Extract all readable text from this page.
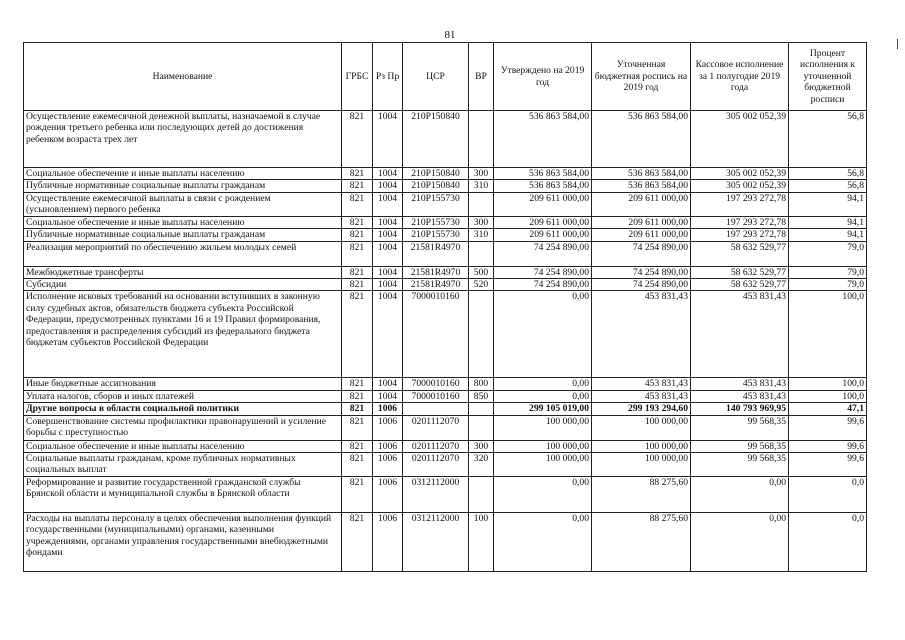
81
Наименование	ГРБС	Рз Пр	ЦСР	ВР	Утверждено на 2019 год	Уточненная бюджетная роспись на 2019 год	Кассовое исполнение за 1 полугодие 2019 года	Процент исполнения к уточненной бюджетной росписи
Осуществление ежемесячной денежной выплаты, назначаемой в случае рождения третьего ребенка или последующих детей до достижения ребенком возраста трех лет	821	1004	210P150840		536 863 584,00	536 863 584,00	305 002 052,39	56,8
Социальное обеспечение и иные выплаты населению	821	1004	210P150840	300	536 863 584,00	536 863 584,00	305 002 052,39	56,8
Публичные нормативные социальные выплаты гражданам	821	1004	210P150840	310	536 863 584,00	536 863 584,00	305 002 052,39	56,8
Осуществление ежемесячной выплаты в связи с рождением (усыновлением) первого ребенка	821	1004	210P155730		209 611 000,00	209 611 000,00	197 293 272,78	94,1
Социальное обеспечение и иные выплаты населению	821	1004	210P155730	300	209 611 000,00	209 611 000,00	197 293 272,78	94,1
Публичные нормативные социальные выплаты гражданам	821	1004	210P155730	310	209 611 000,00	209 611 000,00	197 293 272,78	94,1
Реализация мероприятий по обеспечению жильем молодых семей	821	1004	21581R4970		74 254 890,00	74 254 890,00	58 632 529,77	79,0
Межбюджетные трансферты	821	1004	21581R4970	500	74 254 890,00	74 254 890,00	58 632 529,77	79,0
Субсидии	821	1004	21581R4970	520	74 254 890,00	74 254 890,00	58 632 529,77	79,0
Исполнение исковых требований на основании вступивших в законную силу судебных актов, обязательств бюджета субъекта Российской Федерации, предусмотренных пунктами 16 и 19 Правил формирования, предоставления и распределения субсидий из федерального бюджета бюджетам субъектов Российской Федерации	821	1004	7000010160		0,00	453 831,43	453 831,43	100,0
Иные бюджетные ассигнования	821	1004	7000010160	800	0,00	453 831,43	453 831,43	100,0
Уплата налогов, сборов и иных платежей	821	1004	7000010160	850	0,00	453 831,43	453 831,43	100,0
Другие вопросы в области социальной политики	821	1006			299 105 019,00	299 193 294,60	140 793 969,95	47,1
Совершенствование системы профилактики правонарушений и усиление борьбы с преступностью	821	1006	0201112070		100 000,00	100 000,00	99 568,35	99,6
Социальное обеспечение и иные выплаты населению	821	1006	0201112070	300	100 000,00	100 000,00	99 568,35	99,6
Социальные выплаты гражданам, кроме публичных нормативных социальных выплат	821	1006	0201112070	320	100 000,00	100 000,00	99 568,35	99,6
Реформирование и развитие государственной гражданской службы Брянской области и муниципальной службы в Брянской области	821	1006	0312112000		0,00	88 275,60	0,00	0,0
Расходы на выплаты персоналу в целях обеспечения выполнения функций государственными (муниципальными) органами, казенными учреждениями, органами управления государственными внебюджетными фондами	821	1006	0312112000	100	0,00	88 275,60	0,00	0,0
